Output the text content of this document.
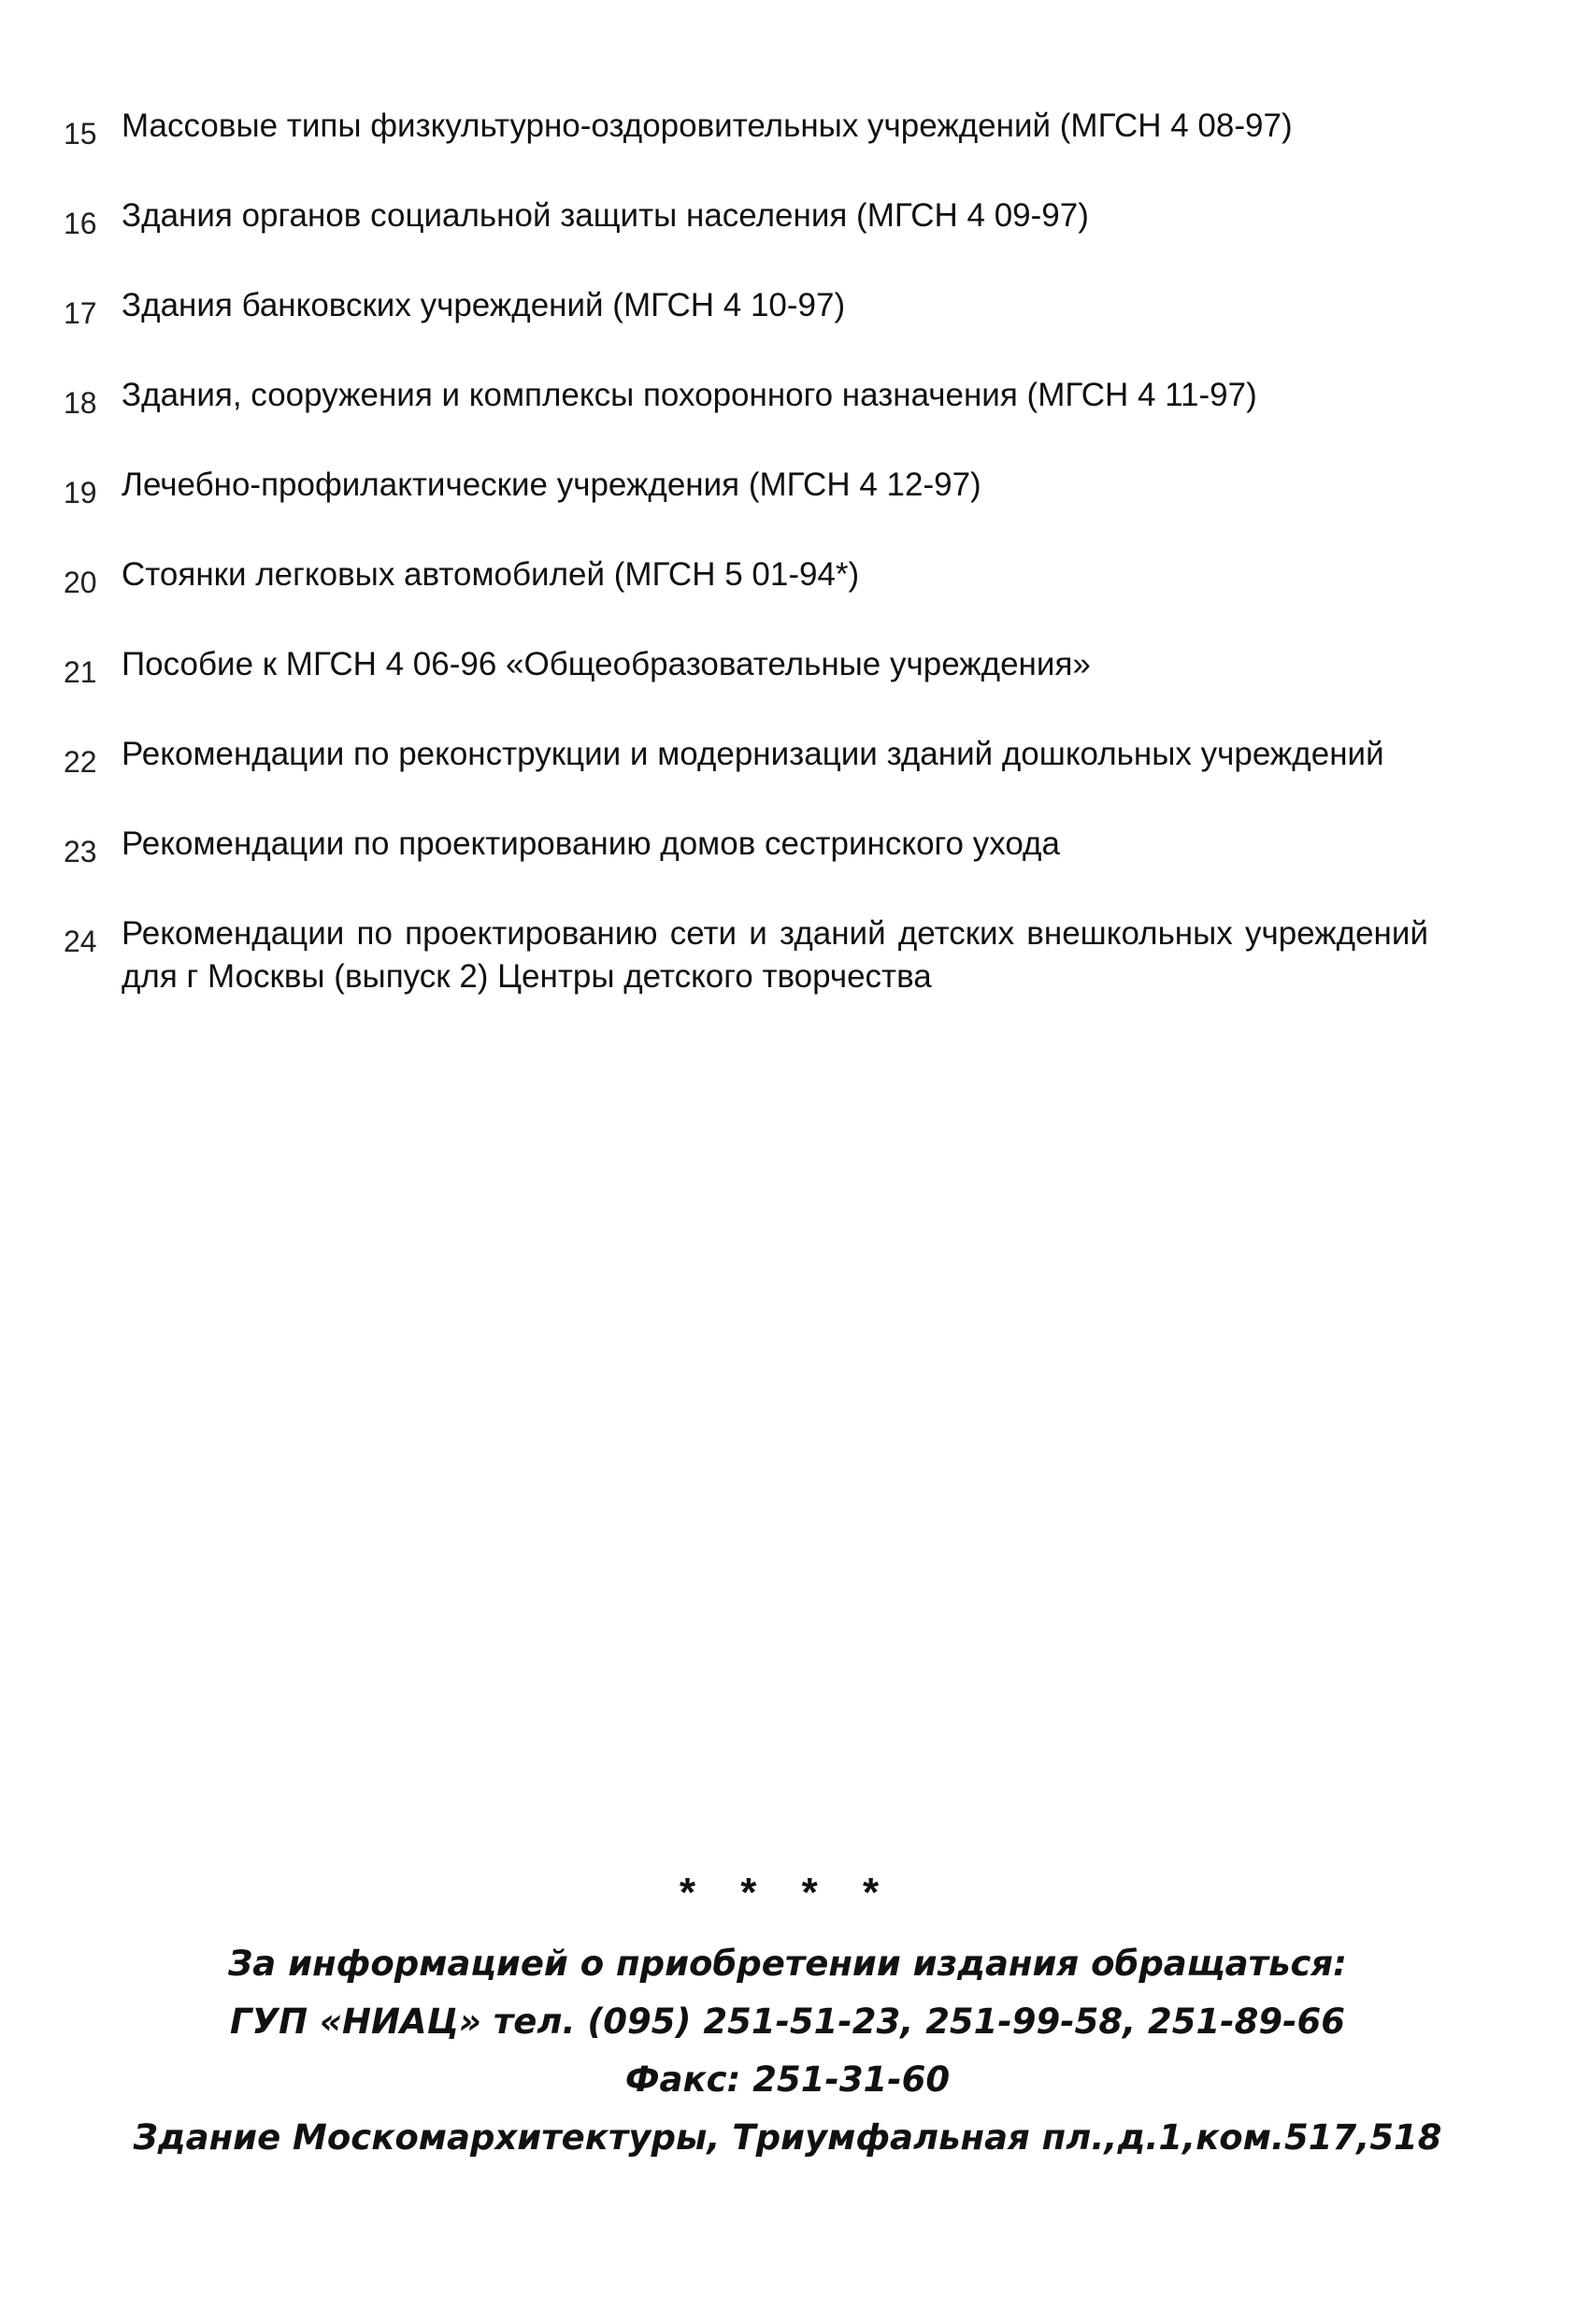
15 Массовые типы физкультурно-оздоровительных учреждений (МГСН 4 08-97)
16 Здания органов социальной защиты населения (МГСН 4 09-97)
17 Здания банковских учреждений (МГСН 4 10-97)
18 Здания, сооружения и комплексы похоронного назначения (МГСН 4 11-97)
19 Лечебно-профилактические учреждения (МГСН 4 12-97)
20 Стоянки легковых автомобилей (МГСН 5 01-94*)
21 Пособие к МГСН 4 06-96 «Общеобразовательные учреждения»
22 Рекомендации по реконструкции и модернизации зданий дошкольных учреждений
23 Рекомендации по проектированию домов сестринского ухода
24 Рекомендации по проектированию сети и зданий детских внешкольных учреждений для г Москвы (выпуск 2) Центры детского творчества
* * * *
За информацией о приобретении издания обращаться:
ГУП «НИАЦ» тел. (095) 251-51-23, 251-99-58, 251-89-66
Факс: 251-31-60
Здание Москомархитектуры, Триумфальная пл.,д.1,ком.517,518
